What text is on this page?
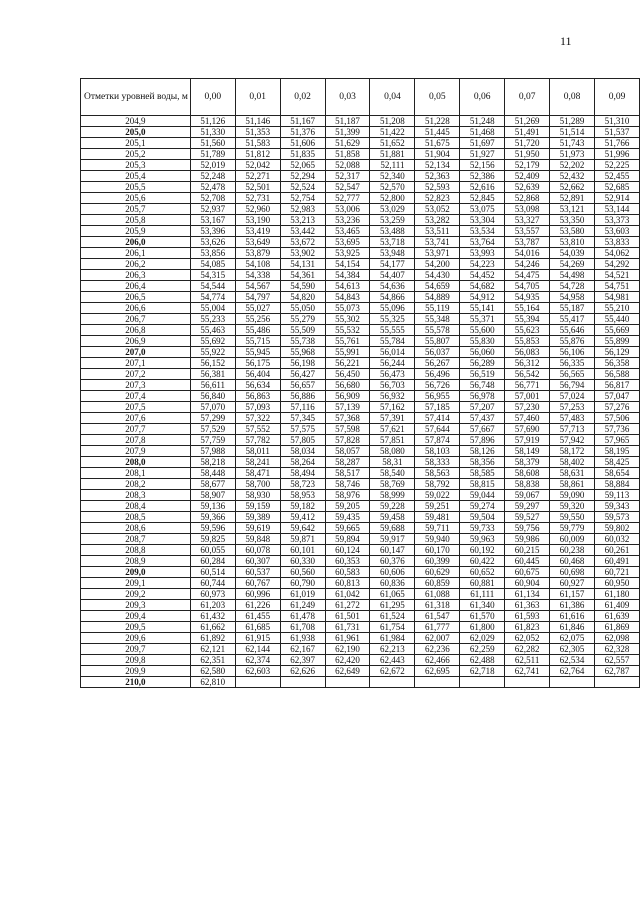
11
Отметки уровней воды, м	0,00	0,01	0,02	0,03	0,04	0,05	0,06	0,07	0,08	0,09
204,9	51,126	51,146	51,167	51,187	51,208	51,228	51,248	51,269	51,289	51,310
205,0	51,330	51,353	51,376	51,399	51,422	51,445	51,468	51,491	51,514	51,537
205,1	51,560	51,583	51,606	51,629	51,652	51,675	51,697	51,720	51,743	51,766
205,2	51,789	51,812	51,835	51,858	51,881	51,904	51,927	51,950	51,973	51,996
205,3	52,019	52,042	52,065	52,088	52,111	52,134	52,156	52,179	52,202	52,225
205,4	52,248	52,271	52,294	52,317	52,340	52,363	52,386	52,409	52,432	52,455
205,5	52,478	52,501	52,524	52,547	52,570	52,593	52,616	52,639	52,662	52,685
205,6	52,708	52,731	52,754	52,777	52,800	52,823	52,845	52,868	52,891	52,914
205,7	52,937	52,960	52,983	53,006	53,029	53,052	53,075	53,098	53,121	53,144
205,8	53,167	53,190	53,213	53,236	53,259	53,282	53,304	53,327	53,350	53,373
205,9	53,396	53,419	53,442	53,465	53,488	53,511	53,534	53,557	53,580	53,603
206,0	53,626	53,649	53,672	53,695	53,718	53,741	53,764	53,787	53,810	53,833
206,1	53,856	53,879	53,902	53,925	53,948	53,971	53,993	54,016	54,039	54,062
206,2	54,085	54,108	54,131	54,154	54,177	54,200	54,223	54,246	54,269	54,292
206,3	54,315	54,338	54,361	54,384	54,407	54,430	54,452	54,475	54,498	54,521
206,4	54,544	54,567	54,590	54,613	54,636	54,659	54,682	54,705	54,728	54,751
206,5	54,774	54,797	54,820	54,843	54,866	54,889	54,912	54,935	54,958	54,981
206,6	55,004	55,027	55,050	55,073	55,096	55,119	55,141	55,164	55,187	55,210
206,7	55,233	55,256	55,279	55,302	55,325	55,348	55,371	55,394	55,417	55,440
206,8	55,463	55,486	55,509	55,532	55,555	55,578	55,600	55,623	55,646	55,669
206,9	55,692	55,715	55,738	55,761	55,784	55,807	55,830	55,853	55,876	55,899
207,0	55,922	55,945	55,968	55,991	56,014	56,037	56,060	56,083	56,106	56,129
207,1	56,152	56,175	56,198	56,221	56,244	56,267	56,289	56,312	56,335	56,358
207,2	56,381	56,404	56,427	56,450	56,473	56,496	56,519	56,542	56,565	56,588
207,3	56,611	56,634	56,657	56,680	56,703	56,726	56,748	56,771	56,794	56,817
207,4	56,840	56,863	56,886	56,909	56,932	56,955	56,978	57,001	57,024	57,047
207,5	57,070	57,093	57,116	57,139	57,162	57,185	57,207	57,230	57,253	57,276
207,6	57,299	57,322	57,345	57,368	57,391	57,414	57,437	57,460	57,483	57,506
207,7	57,529	57,552	57,575	57,598	57,621	57,644	57,667	57,690	57,713	57,736
207,8	57,759	57,782	57,805	57,828	57,851	57,874	57,896	57,919	57,942	57,965
207,9	57,988	58,011	58,034	58,057	58,080	58,103	58,126	58,149	58,172	58,195
208,0	58,218	58,241	58,264	58,287	58,31	58,333	58,356	58,379	58,402	58,425
208,1	58,448	58,471	58,494	58,517	58,540	58,563	58,585	58,608	58,631	58,654
208,2	58,677	58,700	58,723	58,746	58,769	58,792	58,815	58,838	58,861	58,884
208,3	58,907	58,930	58,953	58,976	58,999	59,022	59,044	59,067	59,090	59,113
208,4	59,136	59,159	59,182	59,205	59,228	59,251	59,274	59,297	59,320	59,343
208,5	59,366	59,389	59,412	59,435	59,458	59,481	59,504	59,527	59,550	59,573
208,6	59,596	59,619	59,642	59,665	59,688	59,711	59,733	59,756	59,779	59,802
208,7	59,825	59,848	59,871	59,894	59,917	59,940	59,963	59,986	60,009	60,032
208,8	60,055	60,078	60,101	60,124	60,147	60,170	60,192	60,215	60,238	60,261
208,9	60,284	60,307	60,330	60,353	60,376	60,399	60,422	60,445	60,468	60,491
209,0	60,514	60,537	60,560	60,583	60,606	60,629	60,652	60,675	60,698	60,721
209,1	60,744	60,767	60,790	60,813	60,836	60,859	60,881	60,904	60,927	60,950
209,2	60,973	60,996	61,019	61,042	61,065	61,088	61,111	61,134	61,157	61,180
209,3	61,203	61,226	61,249	61,272	61,295	61,318	61,340	61,363	61,386	61,409
209,4	61,432	61,455	61,478	61,501	61,524	61,547	61,570	61,593	61,616	61,639
209,5	61,662	61,685	61,708	61,731	61,754	61,777	61,800	61,823	61,846	61,869
209,6	61,892	61,915	61,938	61,961	61,984	62,007	62,029	62,052	62,075	62,098
209,7	62,121	62,144	62,167	62,190	62,213	62,236	62,259	62,282	62,305	62,328
209,8	62,351	62,374	62,397	62,420	62,443	62,466	62,488	62,511	62,534	62,557
209,9	62,580	62,603	62,626	62,649	62,672	62,695	62,718	62,741	62,764	62,787
210,0	62,810									
